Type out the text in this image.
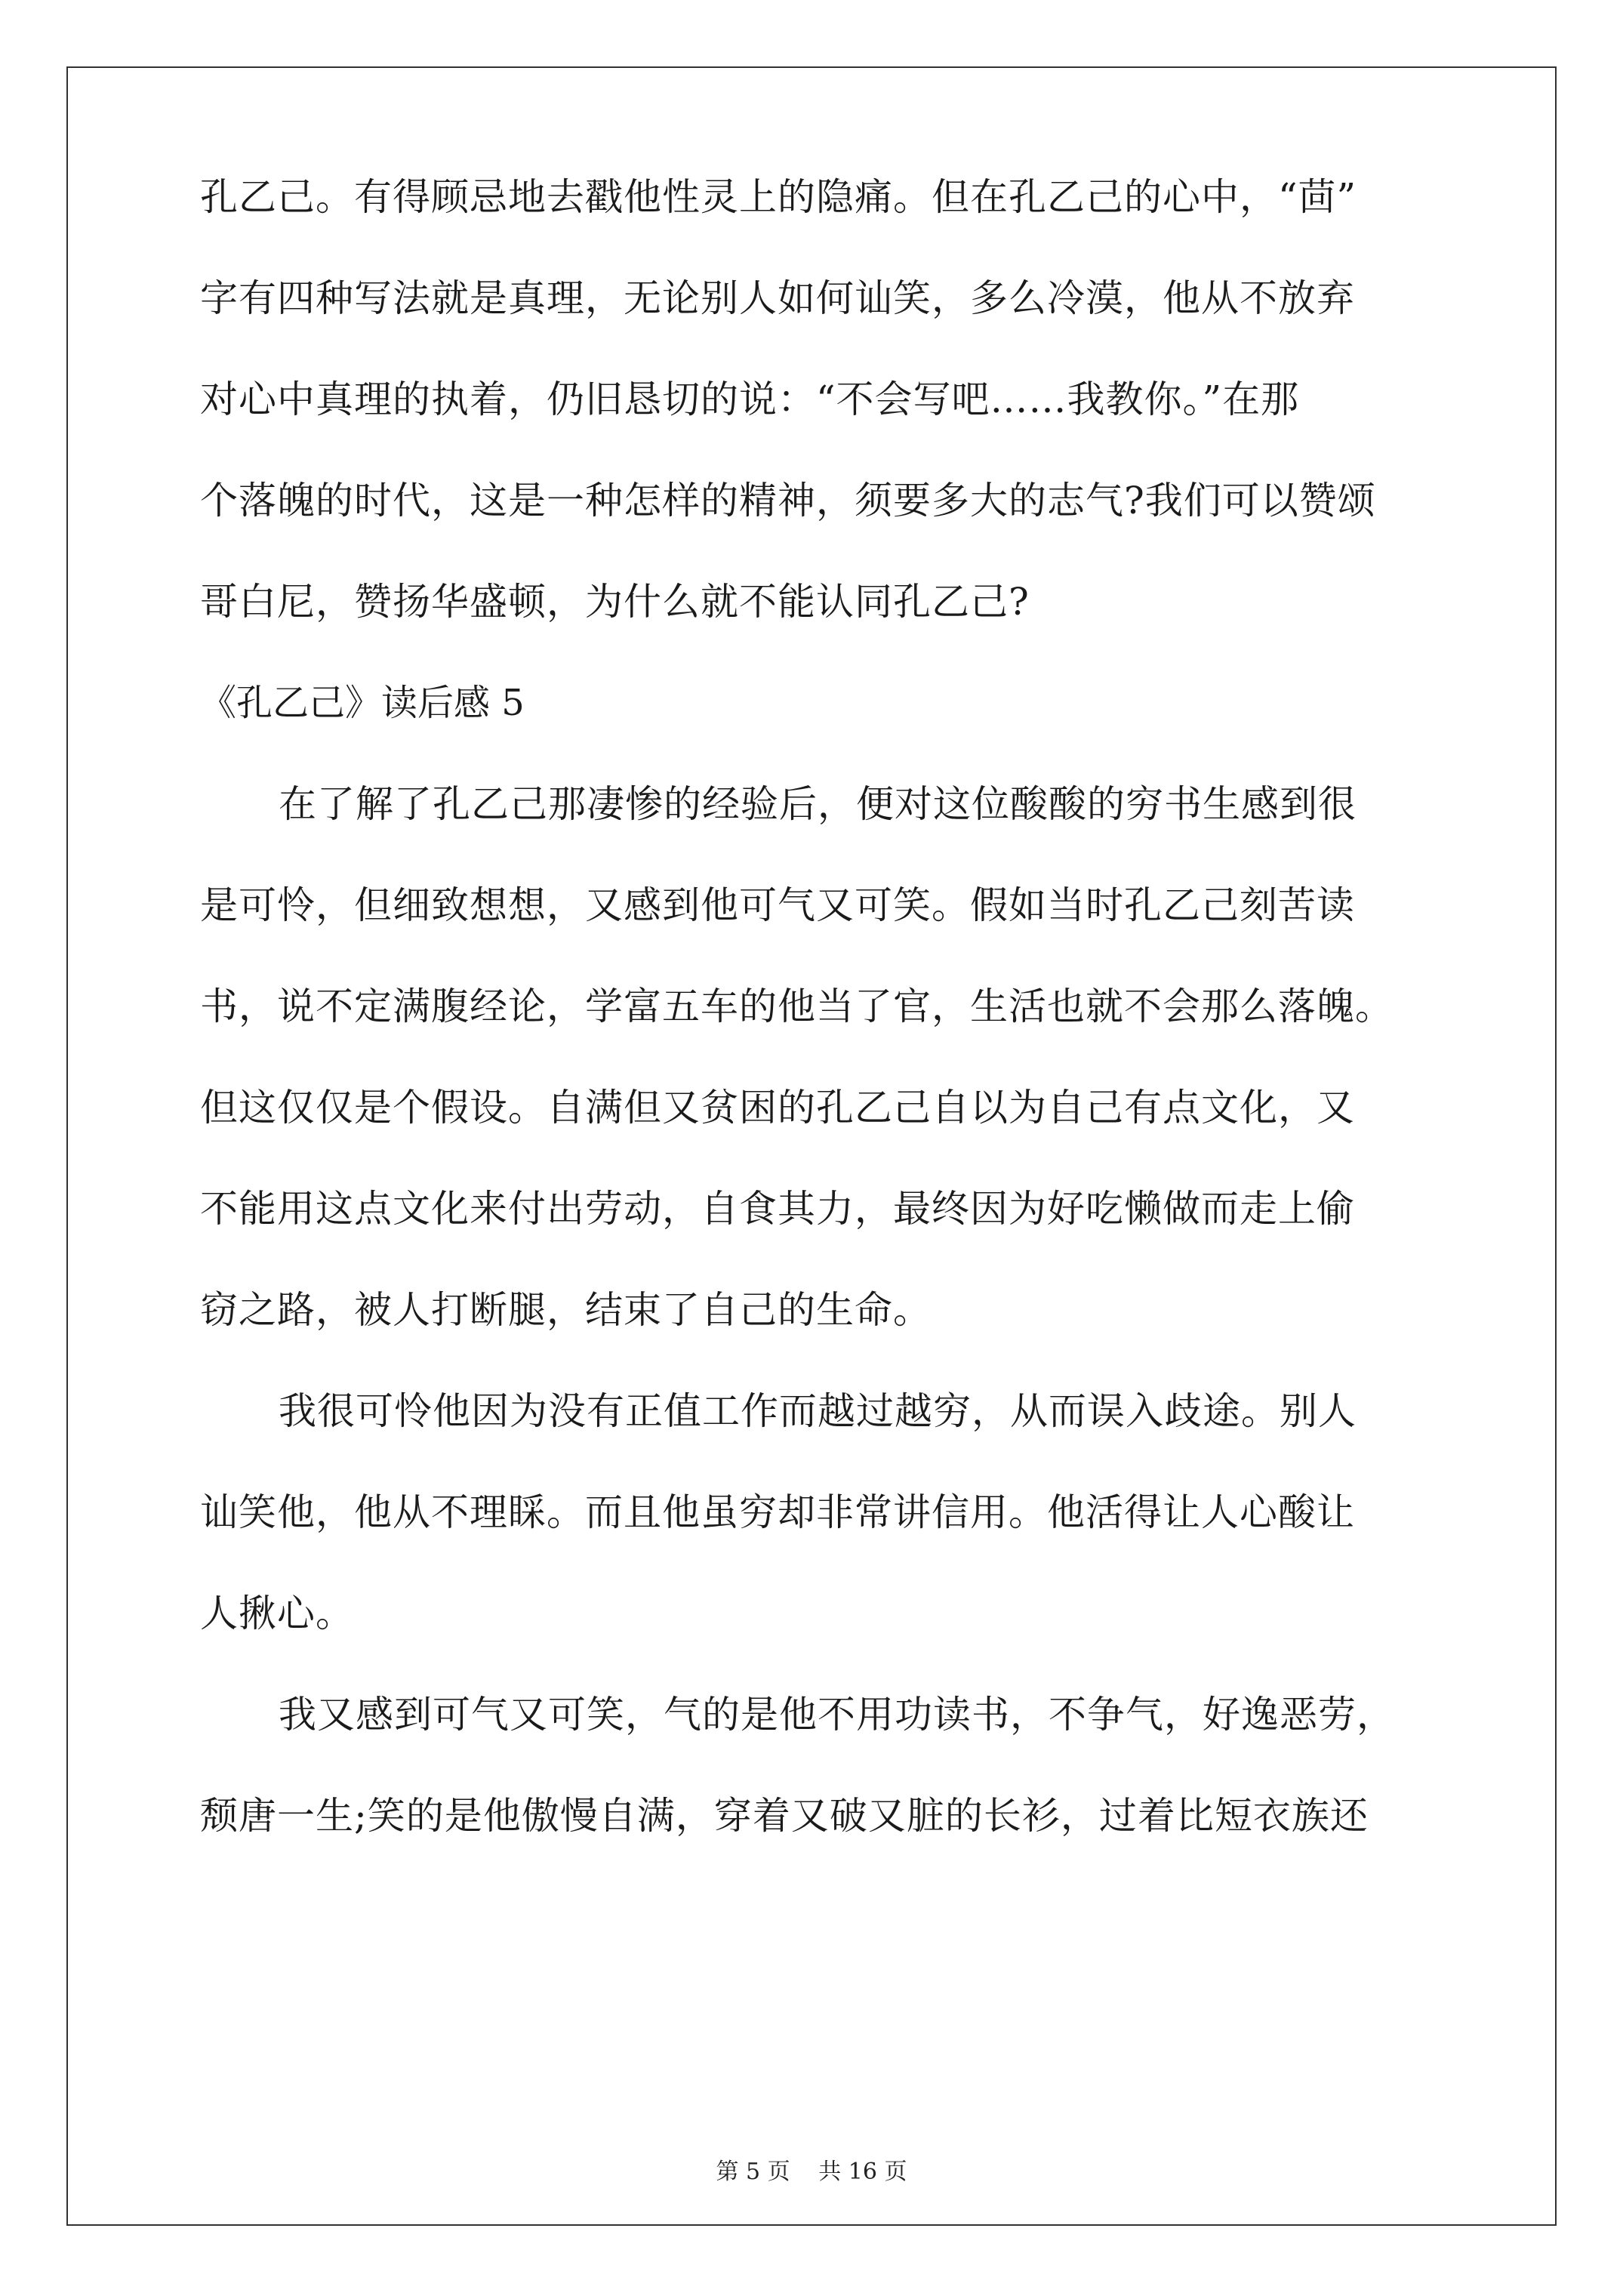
孔乙己。有得顾忌地去戳他性灵上的隐痛。但在孔乙己的心中，“茴”

字有四种写法就是真理，无论别人如何讪笑，多么冷漠，他从不放弃

对心中真理的执着，仍旧恳切的说：“不会写吧……我教你。”在那

个落魄的时代，这是一种怎样的精神，须要多大的志气?我们可以赞颂

哥白尼，赞扬华盛顿，为什么就不能认同孔乙己?

《孔乙己》读后感 5

在了解了孔乙己那凄惨的经验后，便对这位酸酸的穷书生感到很

是可怜，但细致想想，又感到他可气又可笑。假如当时孔乙己刻苦读

书，说不定满腹经论，学富五车的他当了官，生活也就不会那么落魄。

但这仅仅是个假设。自满但又贫困的孔乙己自以为自己有点文化，又

不能用这点文化来付出劳动，自食其力，最终因为好吃懒做而走上偷

窃之路，被人打断腿，结束了自己的生命。

我很可怜他因为没有正值工作而越过越穷，从而误入歧途。别人

讪笑他，他从不理睬。而且他虽穷却非常讲信用。他活得让人心酸让

人揪心。

我又感到可气又可笑，气的是他不用功读书，不争气，好逸恶劳，

颓唐一生;笑的是他傲慢自满，穿着又破又脏的长衫，过着比短衣族还

第 5 页 共 16 页
